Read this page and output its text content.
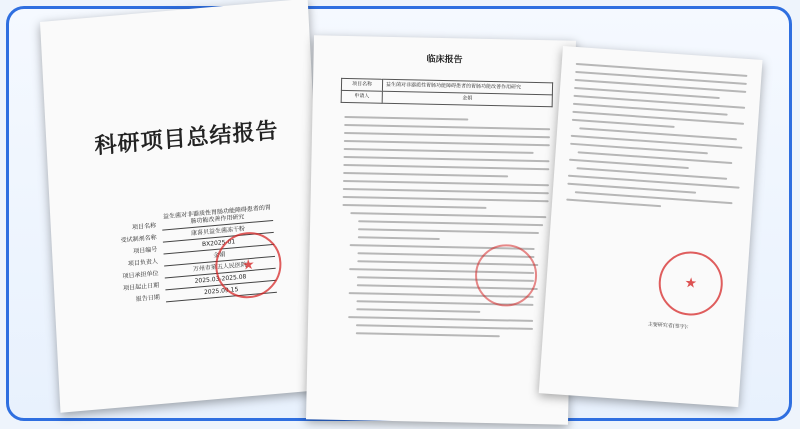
科研项目总结报告
项目名称	益生菌对非器质性胃肠功能障碍患者的胃肠功能改善作用研究
受试制剂名称	康喜贝益生菌冻干粉
项目编号	BX2025-01
项目负责人	金娟
项目承担单位	万州市第五人民医院
项目起止日期	2025.03-2025.08
报告日期	2025.09.15
★
临床报告
项目名称	益生菌对非器质性胃肠功能障碍患者的胃肠功能改善作用研究
申请人	金娟
★
主要研究者(签字)：
